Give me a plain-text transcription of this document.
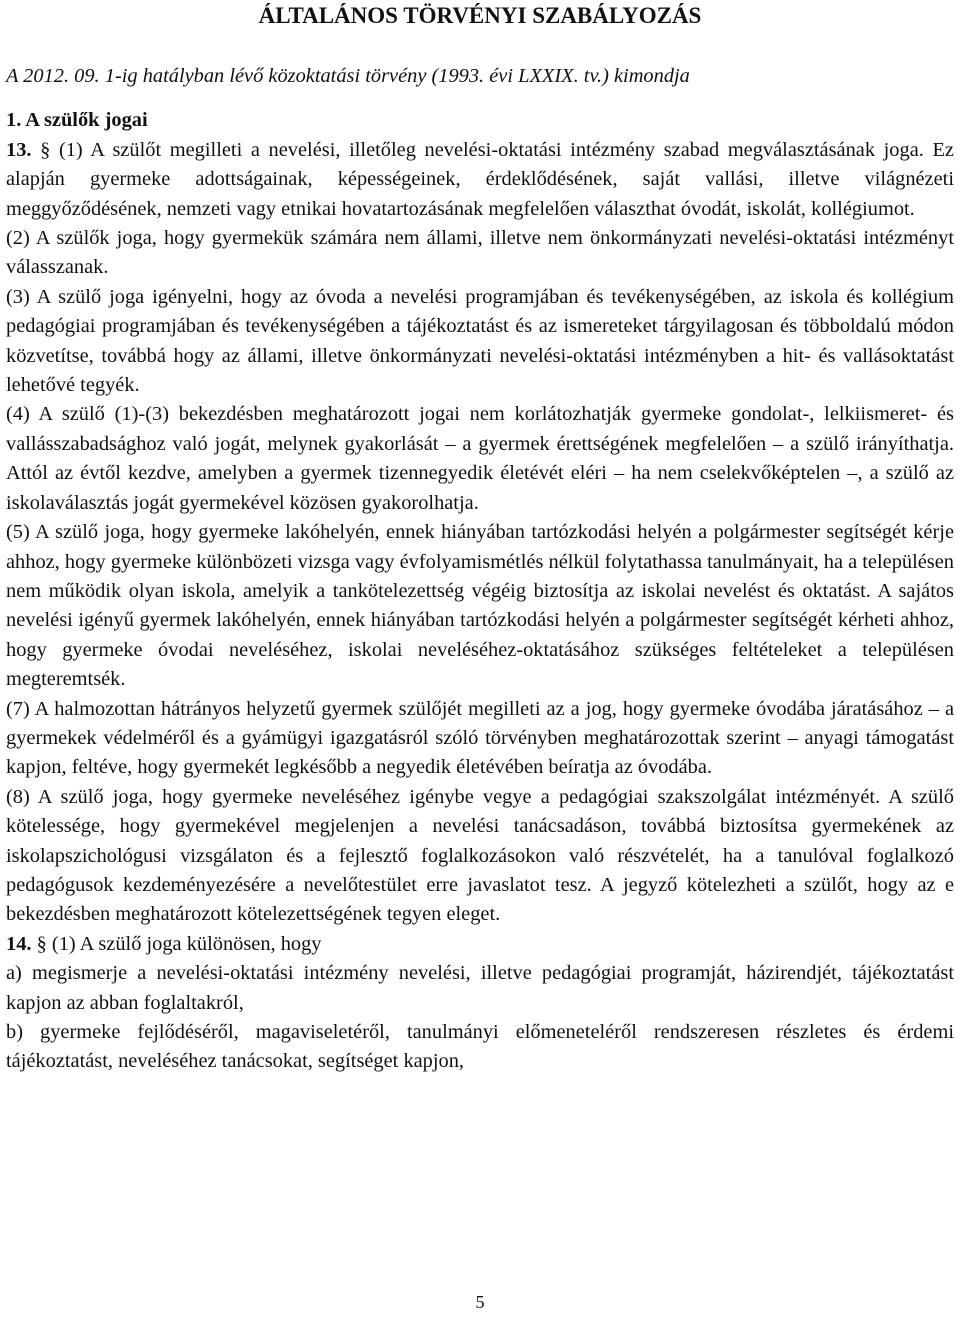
ÁLTALÁNOS TÖRVÉNYI SZABÁLYOZÁS

A 2012. 09. 1-ig hatályban lévő közoktatási törvény (1993. évi LXXIX. tv.) kimondja

1. A szülők jogai

13. § (1) A szülőt megilleti a nevelési, illetőleg nevelési-oktatási intézmény szabad megválasztásának joga. Ez alapján gyermeke adottságainak, képességeinek, érdeklődésének, saját vallási, illetve világnézeti meggyőződésének, nemzeti vagy etnikai hovatartozásának megfelelően választhat óvodát, iskolát, kollégiumot.

(2) A szülők joga, hogy gyermekük számára nem állami, illetve nem önkormányzati nevelési-oktatási intézményt válasszanak.

(3) A szülő joga igényelni, hogy az óvoda a nevelési programjában és tevékenységében, az iskola és kollégium pedagógiai programjában és tevékenységében a tájékoztatást és az ismereteket tárgyilagosan és többoldalú módon közvetítse, továbbá hogy az állami, illetve önkormányzati nevelési-oktatási intézményben a hit- és vallásoktatást lehetővé tegyék.

(4) A szülő (1)-(3) bekezdésben meghatározott jogai nem korlátozhatják gyermeke gondolat-, lelkiismeret- és vallásszabadsághoz való jogát, melynek gyakorlását – a gyermek érettségének megfelelően – a szülő irányíthatja. Attól az évtől kezdve, amelyben a gyermek tizennegyedik életévét eléri – ha nem cselekvőképtelen –, a szülő az iskolaválasztás jogát gyermekével közösen gyakorolhatja.

(5) A szülő joga, hogy gyermeke lakóhelyén, ennek hiányában tartózkodási helyén a polgármester segítségét kérje ahhoz, hogy gyermeke különbözeti vizsga vagy évfolyamismétlés nélkül folytathassa tanulmányait, ha a településen nem működik olyan iskola, amelyik a tankötelezettség végéig biztosítja az iskolai nevelést és oktatást. A sajátos nevelési igényű gyermek lakóhelyén, ennek hiányában tartózkodási helyén a polgármester segítségét kérheti ahhoz, hogy gyermeke óvodai neveléséhez, iskolai neveléséhez-oktatásához szükséges feltételeket a településen megteremtsék.

(7) A halmozottan hátrányos helyzetű gyermek szülőjét megilleti az a jog, hogy gyermeke óvodába járatásához – a gyermekek védelméről és a gyámügyi igazgatásról szóló törvényben meghatározottak szerint – anyagi támogatást kapjon, feltéve, hogy gyermekét legkésőbb a negyedik életévében beíratja az óvodába.

(8) A szülő joga, hogy gyermeke neveléséhez igénybe vegye a pedagógiai szakszolgálat intézményét. A szülő kötelessége, hogy gyermekével megjelenjen a nevelési tanácsadáson, továbbá biztosítsa gyermekének az iskolapszichológusi vizsgálaton és a fejlesztő foglalkozásokon való részvételét, ha a tanulóval foglalkozó pedagógusok kezdeményezésére a nevelőtestület erre javaslatot tesz. A jegyző kötelezheti a szülőt, hogy az e bekezdésben meghatározott kötelezettségének tegyen eleget.

14. § (1) A szülő joga különösen, hogy

a) megismerje a nevelési-oktatási intézmény nevelési, illetve pedagógiai programját, házirendjét, tájékoztatást kapjon az abban foglaltakról,

b) gyermeke fejlődéséről, magaviseletéről, tanulmányi előmeneteléről rendszeresen részletes és érdemi tájékoztatást, neveléséhez tanácsokat, segítséget kapjon,

5
